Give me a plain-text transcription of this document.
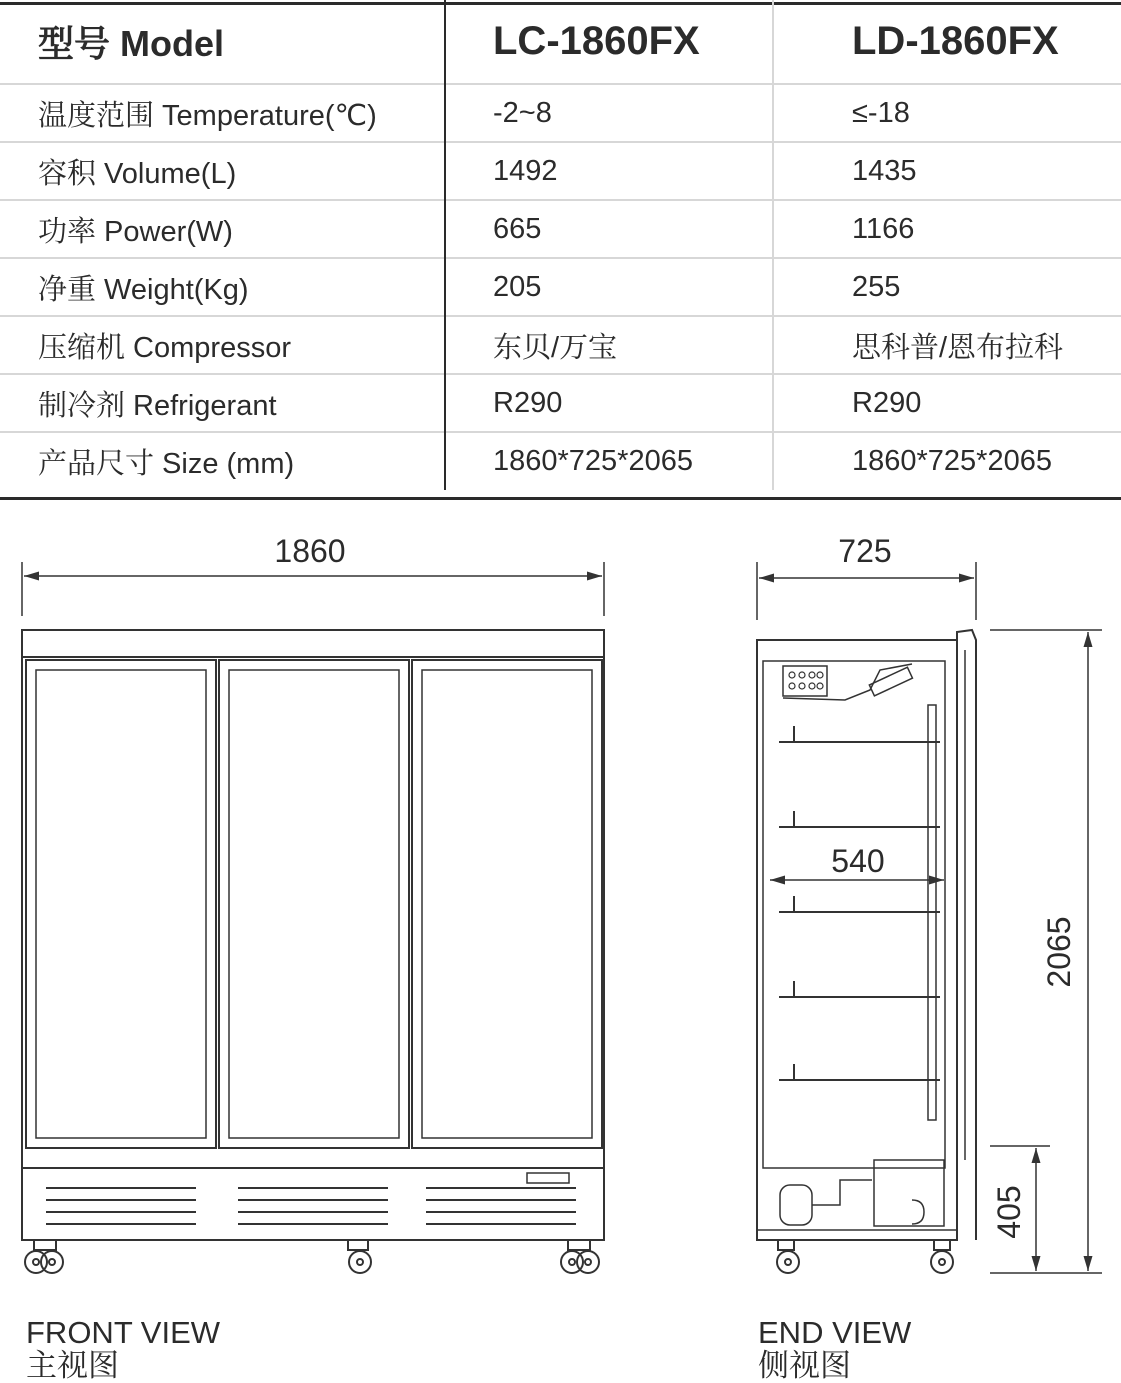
型号 Model	LC-1860FX	LD-1860FX
温度范围 Temperature(℃)	-2~8	≤-18
容积 Volume(L)	1492	1435
功率 Power(W)	665	1166
净重 Weight(Kg)	205	255
压缩机 Compressor	东贝/万宝	思科普/恩布拉科
制冷剂 Refrigerant	R290	R290
产品尺寸 Size (mm)	1860*725*2065	1860*725*2065
1860	725
540
2065
405
FRONT VIEW
主视图
END VIEW
侧视图
